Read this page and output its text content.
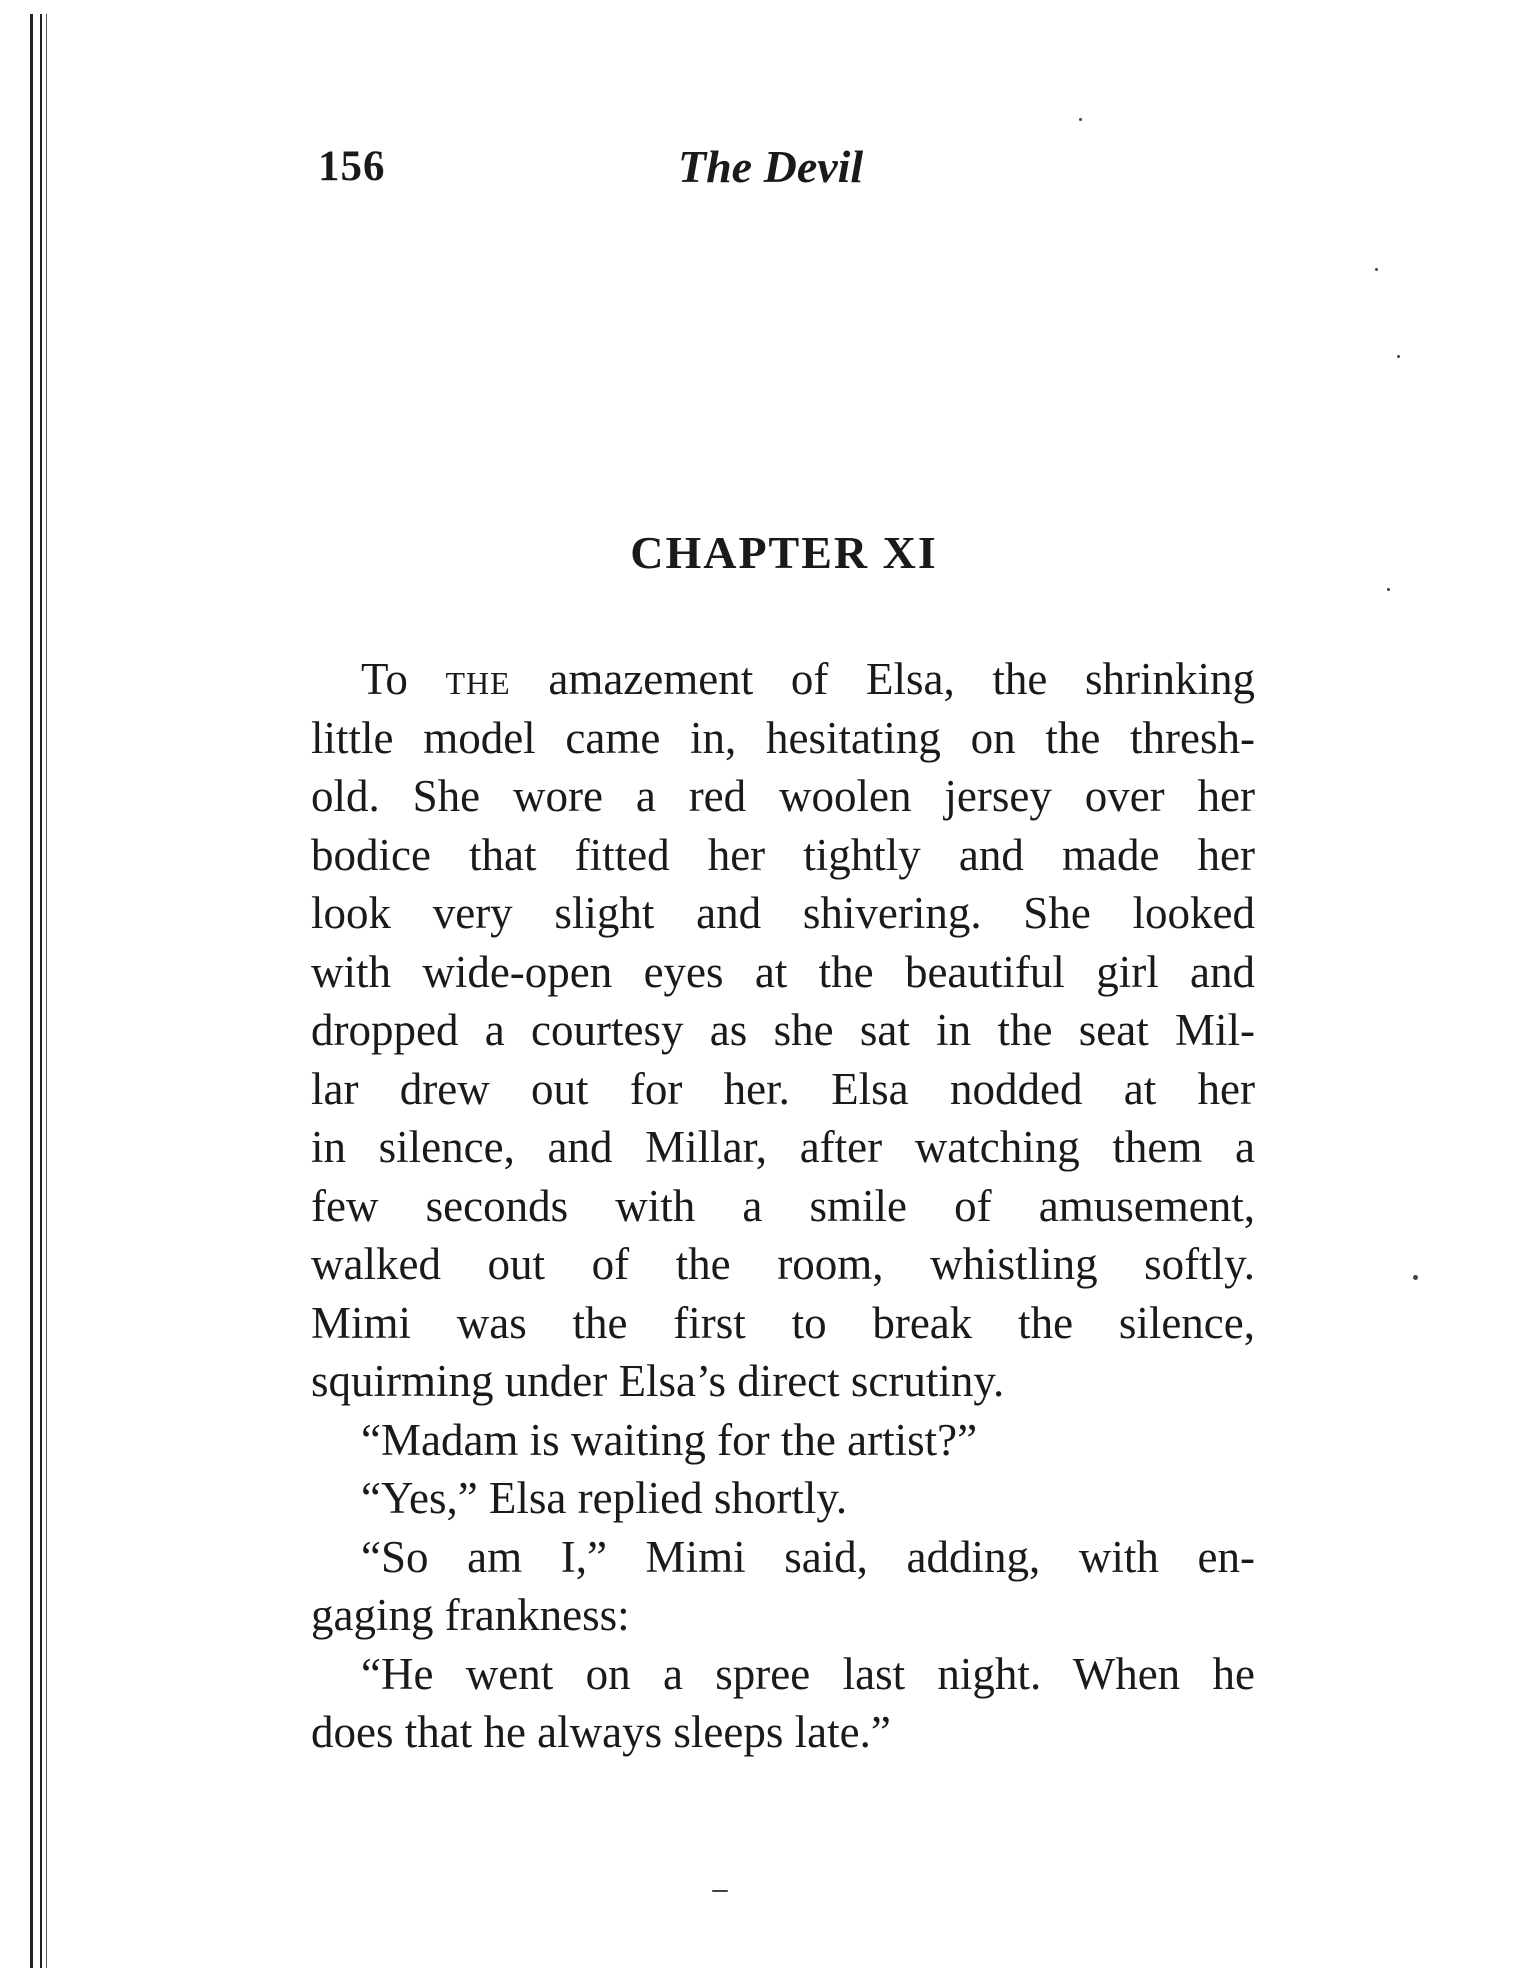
156	The Devil
CHAPTER XI
To the amazement of Elsa, the shrinking
little model came in, hesitating on the thresh-
old. She wore a red woolen jersey over her
bodice that fitted her tightly and made her
look very slight and shivering. She looked
with wide-open eyes at the beautiful girl and
dropped a courtesy as she sat in the seat Mil-
lar drew out for her. Elsa nodded at her
in silence, and Millar, after watching them a
few seconds with a smile of amusement,
walked out of the room, whistling softly.
Mimi was the first to break the silence,
squirming under Elsa’s direct scrutiny.
“Madam is waiting for the artist?”
“Yes,” Elsa replied shortly.
“So am I,” Mimi said, adding, with en-
gaging frankness:
“He went on a spree last night. When he
does that he always sleeps late.”
